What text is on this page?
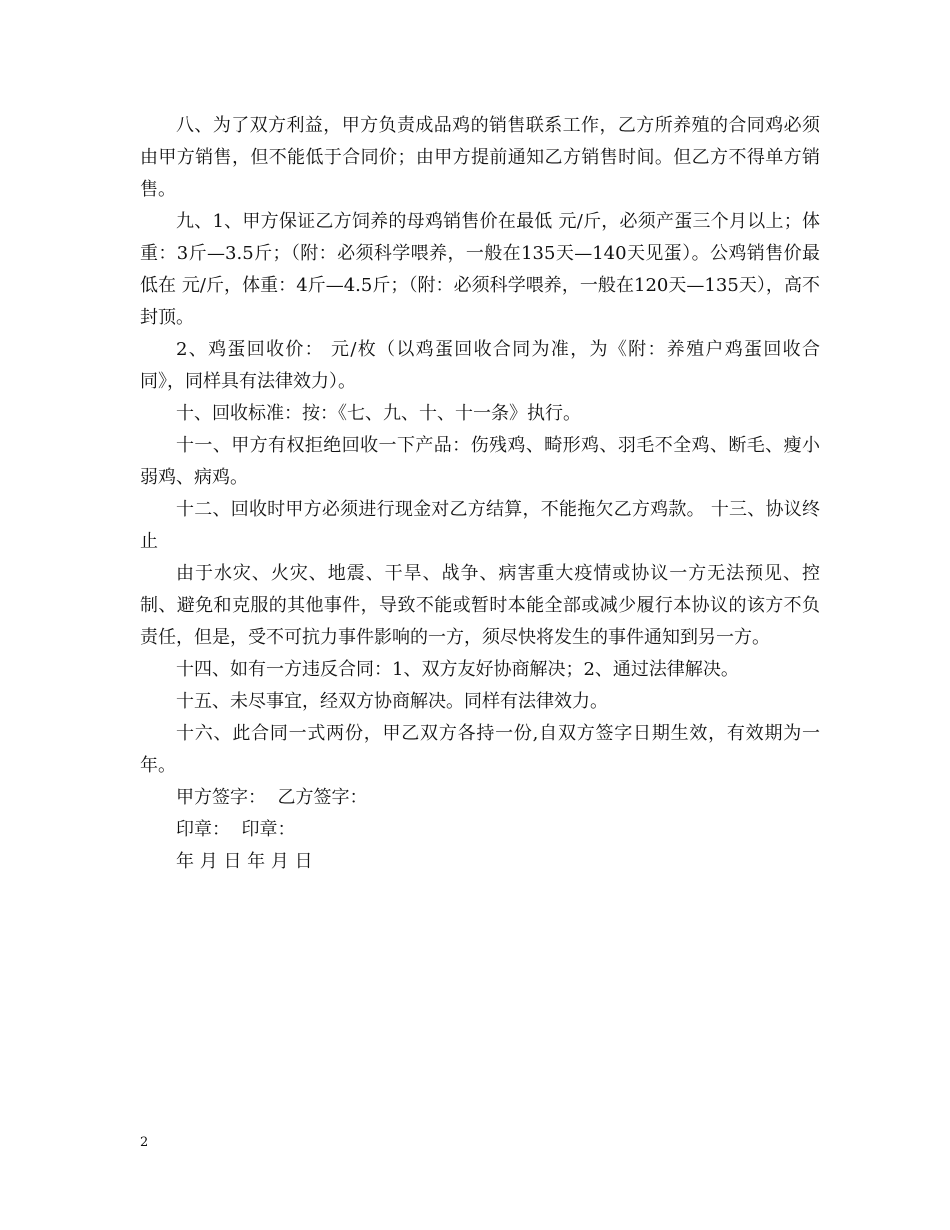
八、为了双方利益，甲方负责成品鸡的销售联系工作，乙方所养殖的合同鸡必须由甲方销售，但不能低于合同价；由甲方提前通知乙方销售时间。但乙方不得单方销售。

九、1、甲方保证乙方饲养的母鸡销售价在最低 元/斤，必须产蛋三个月以上；体重：3斤—3.5斤；（附：必须科学喂养，一般在135天—140天见蛋）。公鸡销售价最低在 元/斤，体重：4斤—4.5斤；（附：必须科学喂养，一般在120天—135天），高不封顶。

2、鸡蛋回收价： 元/枚（以鸡蛋回收合同为准，为《附：养殖户鸡蛋回收合同》，同样具有法律效力）。

十、回收标准：按：《七、九、十、十一条》执行。

十一、甲方有权拒绝回收一下产品：伤残鸡、畸形鸡、羽毛不全鸡、断毛、瘦小弱鸡、病鸡。

十二、回收时甲方必须进行现金对乙方结算，不能拖欠乙方鸡款。 十三、协议终止

由于水灾、火灾、地震、干旱、战争、病害重大疫情或协议一方无法预见、控制、避免和克服的其他事件，导致不能或暂时本能全部或减少履行本协议的该方不负责任，但是，受不可抗力事件影响的一方，须尽快将发生的事件通知到另一方。

十四、如有一方违反合同：1、双方友好协商解决；2、通过法律解决。

十五、未尽事宜，经双方协商解决。同样有法律效力。

十六、此合同一式两份，甲乙双方各持一份,自双方签字日期生效，有效期为一年。

甲方签字：  乙方签字：

印章：  印章：

年 月 日 年 月 日

2
